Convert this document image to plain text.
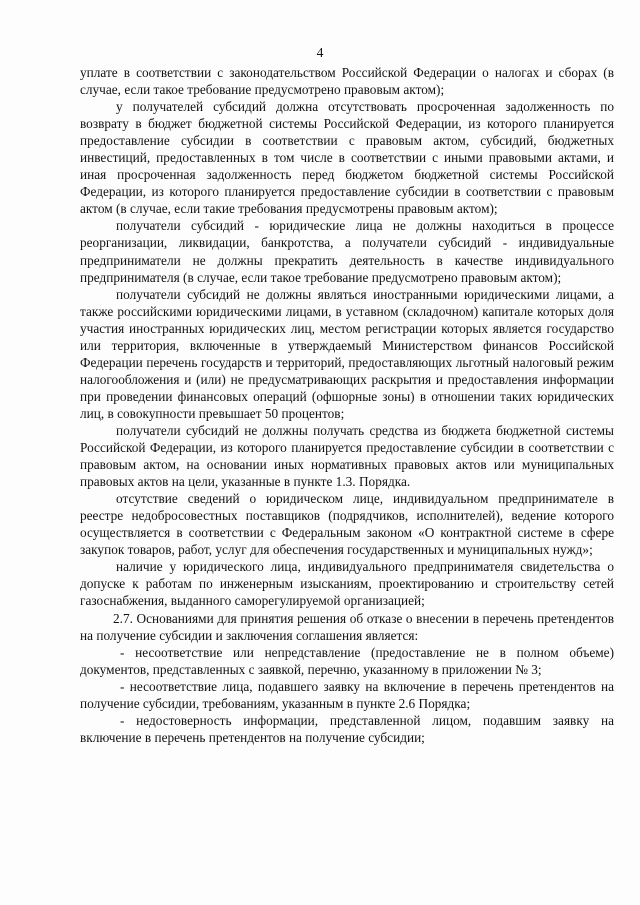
4

уплате в соответствии с законодательством Российской Федерации о налогах и сборах (в случае, если такое требование предусмотрено правовым актом);

у получателей субсидий должна отсутствовать просроченная задолженность по возврату в бюджет бюджетной системы Российской Федерации, из которого планируется предоставление субсидии в соответствии с правовым актом, субсидий, бюджетных инвестиций, предоставленных в том числе в соответствии с иными правовыми актами, и иная просроченная задолженность перед бюджетом бюджетной системы Российской Федерации, из которого планируется предоставление субсидии в соответствии с правовым актом (в случае, если такие требования предусмотрены правовым актом);

получатели субсидий - юридические лица не должны находиться в процессе реорганизации, ликвидации, банкротства, а получатели субсидий - индивидуальные предприниматели не должны прекратить деятельность в качестве индивидуального предпринимателя (в случае, если такое требование предусмотрено правовым актом);

получатели субсидий не должны являться иностранными юридическими лицами, а также российскими юридическими лицами, в уставном (складочном) капитале которых доля участия иностранных юридических лиц, местом регистрации которых является государство или территория, включенные в утверждаемый Министерством финансов Российской Федерации перечень государств и территорий, предоставляющих льготный налоговый режим налогообложения и (или) не предусматривающих раскрытия и предоставления информации при проведении финансовых операций (офшорные зоны) в отношении таких юридических лиц, в совокупности превышает 50 процентов;

получатели субсидий не должны получать средства из бюджета бюджетной системы Российской Федерации, из которого планируется предоставление субсидии в соответствии с правовым актом, на основании иных нормативных правовых актов или муниципальных правовых актов на цели, указанные в пункте 1.3. Порядка.

отсутствие сведений о юридическом лице, индивидуальном предпринимателе в реестре недобросовестных поставщиков (подрядчиков, исполнителей), ведение которого осуществляется в соответствии с Федеральным законом «О контрактной системе в сфере закупок товаров, работ, услуг для обеспечения государственных и муниципальных нужд»;

наличие у юридического лица, индивидуального предпринимателя свидетельства о допуске к работам по инженерным изысканиям, проектированию и строительству сетей газоснабжения, выданного саморегулируемой организацией;

2.7. Основаниями для принятия решения об отказе о внесении в перечень претендентов на получение субсидии и заключения соглашения является:

- несоответствие или непредставление (предоставление не в полном объеме) документов, представленных с заявкой, перечню, указанному в приложении № 3;

- несоответствие лица, подавшего заявку на включение в перечень претендентов на получение субсидии, требованиям, указанным в пункте 2.6 Порядка;

- недостоверность информации, представленной лицом, подавшим заявку на включение в перечень претендентов на получение субсидии;
